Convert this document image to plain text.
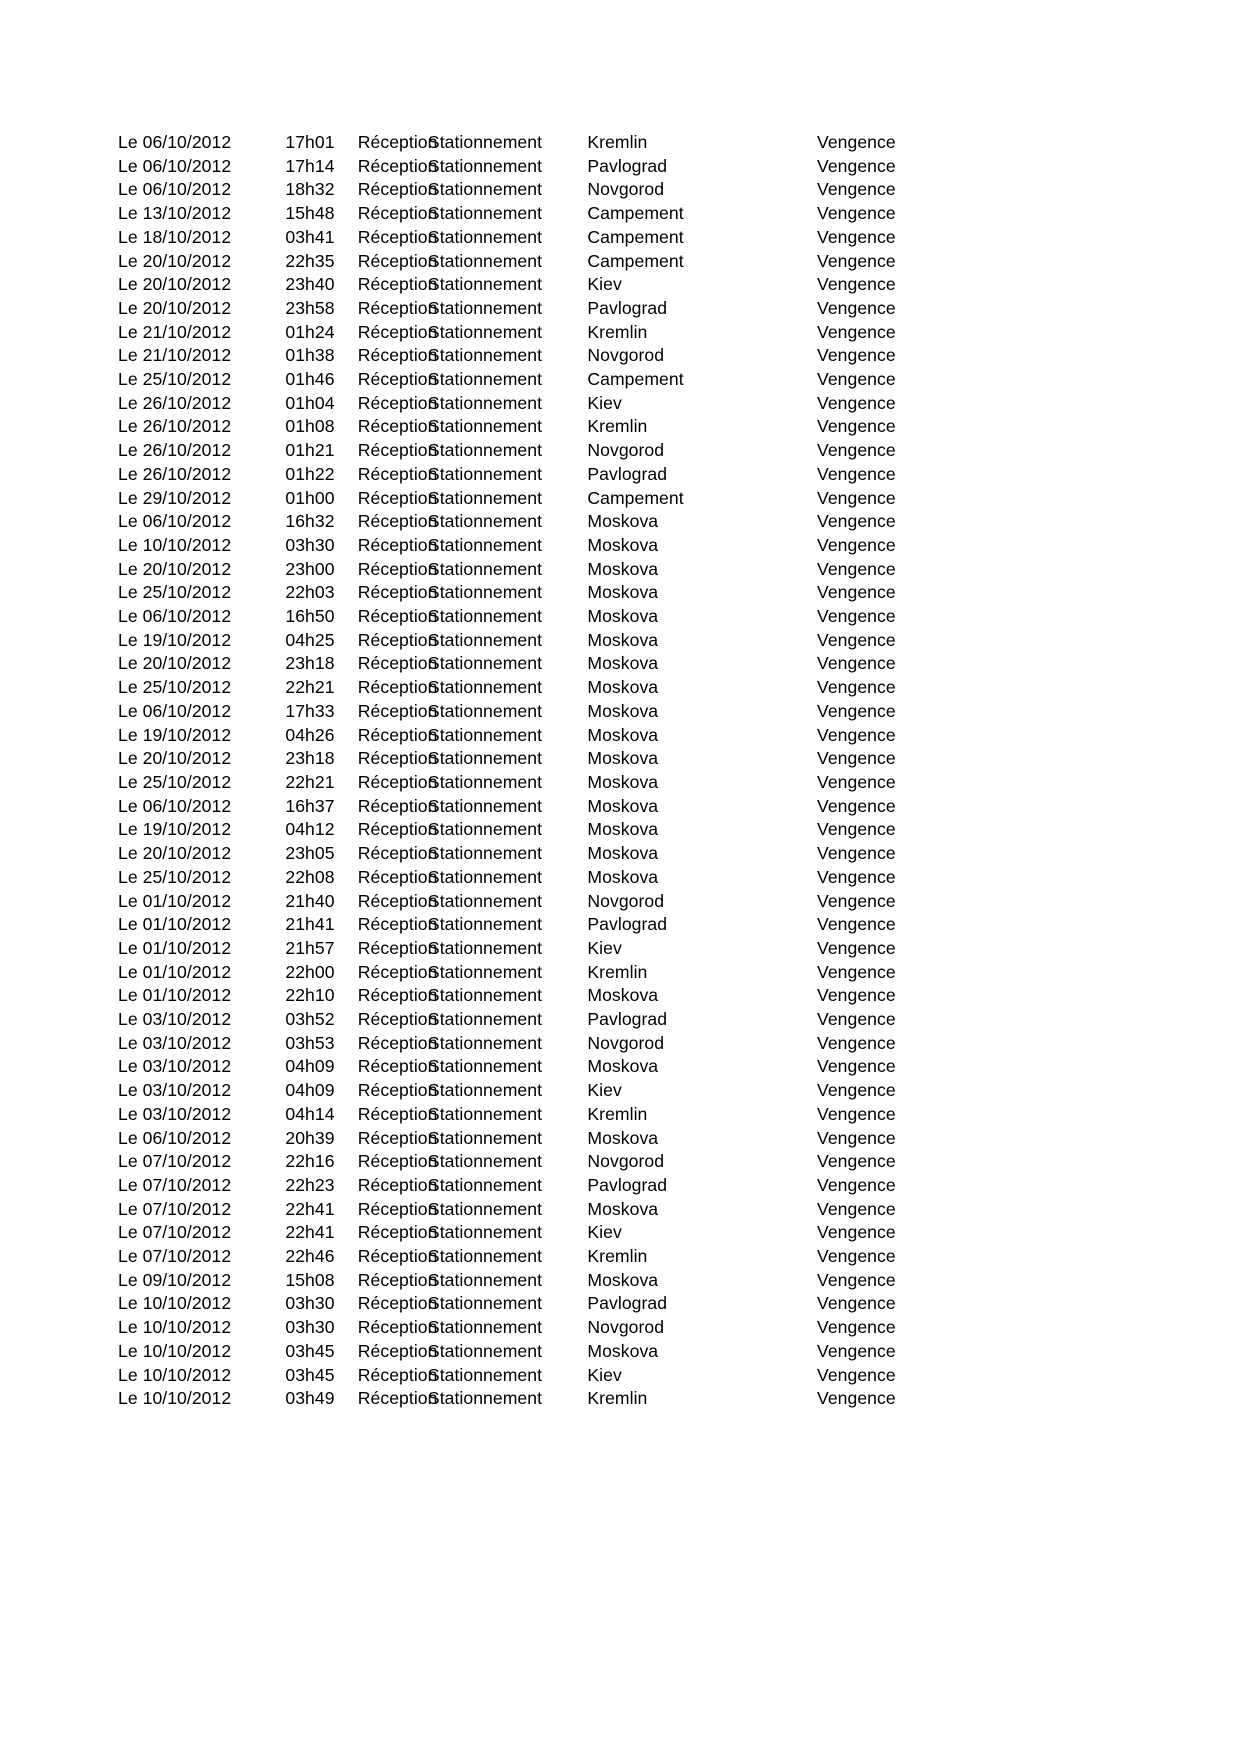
Le 06/10/2012	17h01	Réception	Stationnement	Kremlin	Vengence
Le 06/10/2012	17h14	Réception	Stationnement	Pavlograd	Vengence
Le 06/10/2012	18h32	Réception	Stationnement	Novgorod	Vengence
Le 13/10/2012	15h48	Réception	Stationnement	Campement	Vengence
Le 18/10/2012	03h41	Réception	Stationnement	Campement	Vengence
Le 20/10/2012	22h35	Réception	Stationnement	Campement	Vengence
Le 20/10/2012	23h40	Réception	Stationnement	Kiev	Vengence
Le 20/10/2012	23h58	Réception	Stationnement	Pavlograd	Vengence
Le 21/10/2012	01h24	Réception	Stationnement	Kremlin	Vengence
Le 21/10/2012	01h38	Réception	Stationnement	Novgorod	Vengence
Le 25/10/2012	01h46	Réception	Stationnement	Campement	Vengence
Le 26/10/2012	01h04	Réception	Stationnement	Kiev	Vengence
Le 26/10/2012	01h08	Réception	Stationnement	Kremlin	Vengence
Le 26/10/2012	01h21	Réception	Stationnement	Novgorod	Vengence
Le 26/10/2012	01h22	Réception	Stationnement	Pavlograd	Vengence
Le 29/10/2012	01h00	Réception	Stationnement	Campement	Vengence
Le 06/10/2012	16h32	Réception	Stationnement	Moskova	Vengence
Le 10/10/2012	03h30	Réception	Stationnement	Moskova	Vengence
Le 20/10/2012	23h00	Réception	Stationnement	Moskova	Vengence
Le 25/10/2012	22h03	Réception	Stationnement	Moskova	Vengence
Le 06/10/2012	16h50	Réception	Stationnement	Moskova	Vengence
Le 19/10/2012	04h25	Réception	Stationnement	Moskova	Vengence
Le 20/10/2012	23h18	Réception	Stationnement	Moskova	Vengence
Le 25/10/2012	22h21	Réception	Stationnement	Moskova	Vengence
Le 06/10/2012	17h33	Réception	Stationnement	Moskova	Vengence
Le 19/10/2012	04h26	Réception	Stationnement	Moskova	Vengence
Le 20/10/2012	23h18	Réception	Stationnement	Moskova	Vengence
Le 25/10/2012	22h21	Réception	Stationnement	Moskova	Vengence
Le 06/10/2012	16h37	Réception	Stationnement	Moskova	Vengence
Le 19/10/2012	04h12	Réception	Stationnement	Moskova	Vengence
Le 20/10/2012	23h05	Réception	Stationnement	Moskova	Vengence
Le 25/10/2012	22h08	Réception	Stationnement	Moskova	Vengence
Le 01/10/2012	21h40	Réception	Stationnement	Novgorod	Vengence
Le 01/10/2012	21h41	Réception	Stationnement	Pavlograd	Vengence
Le 01/10/2012	21h57	Réception	Stationnement	Kiev	Vengence
Le 01/10/2012	22h00	Réception	Stationnement	Kremlin	Vengence
Le 01/10/2012	22h10	Réception	Stationnement	Moskova	Vengence
Le 03/10/2012	03h52	Réception	Stationnement	Pavlograd	Vengence
Le 03/10/2012	03h53	Réception	Stationnement	Novgorod	Vengence
Le 03/10/2012	04h09	Réception	Stationnement	Moskova	Vengence
Le 03/10/2012	04h09	Réception	Stationnement	Kiev	Vengence
Le 03/10/2012	04h14	Réception	Stationnement	Kremlin	Vengence
Le 06/10/2012	20h39	Réception	Stationnement	Moskova	Vengence
Le 07/10/2012	22h16	Réception	Stationnement	Novgorod	Vengence
Le 07/10/2012	22h23	Réception	Stationnement	Pavlograd	Vengence
Le 07/10/2012	22h41	Réception	Stationnement	Moskova	Vengence
Le 07/10/2012	22h41	Réception	Stationnement	Kiev	Vengence
Le 07/10/2012	22h46	Réception	Stationnement	Kremlin	Vengence
Le 09/10/2012	15h08	Réception	Stationnement	Moskova	Vengence
Le 10/10/2012	03h30	Réception	Stationnement	Pavlograd	Vengence
Le 10/10/2012	03h30	Réception	Stationnement	Novgorod	Vengence
Le 10/10/2012	03h45	Réception	Stationnement	Moskova	Vengence
Le 10/10/2012	03h45	Réception	Stationnement	Kiev	Vengence
Le 10/10/2012	03h49	Réception	Stationnement	Kremlin	Vengence
